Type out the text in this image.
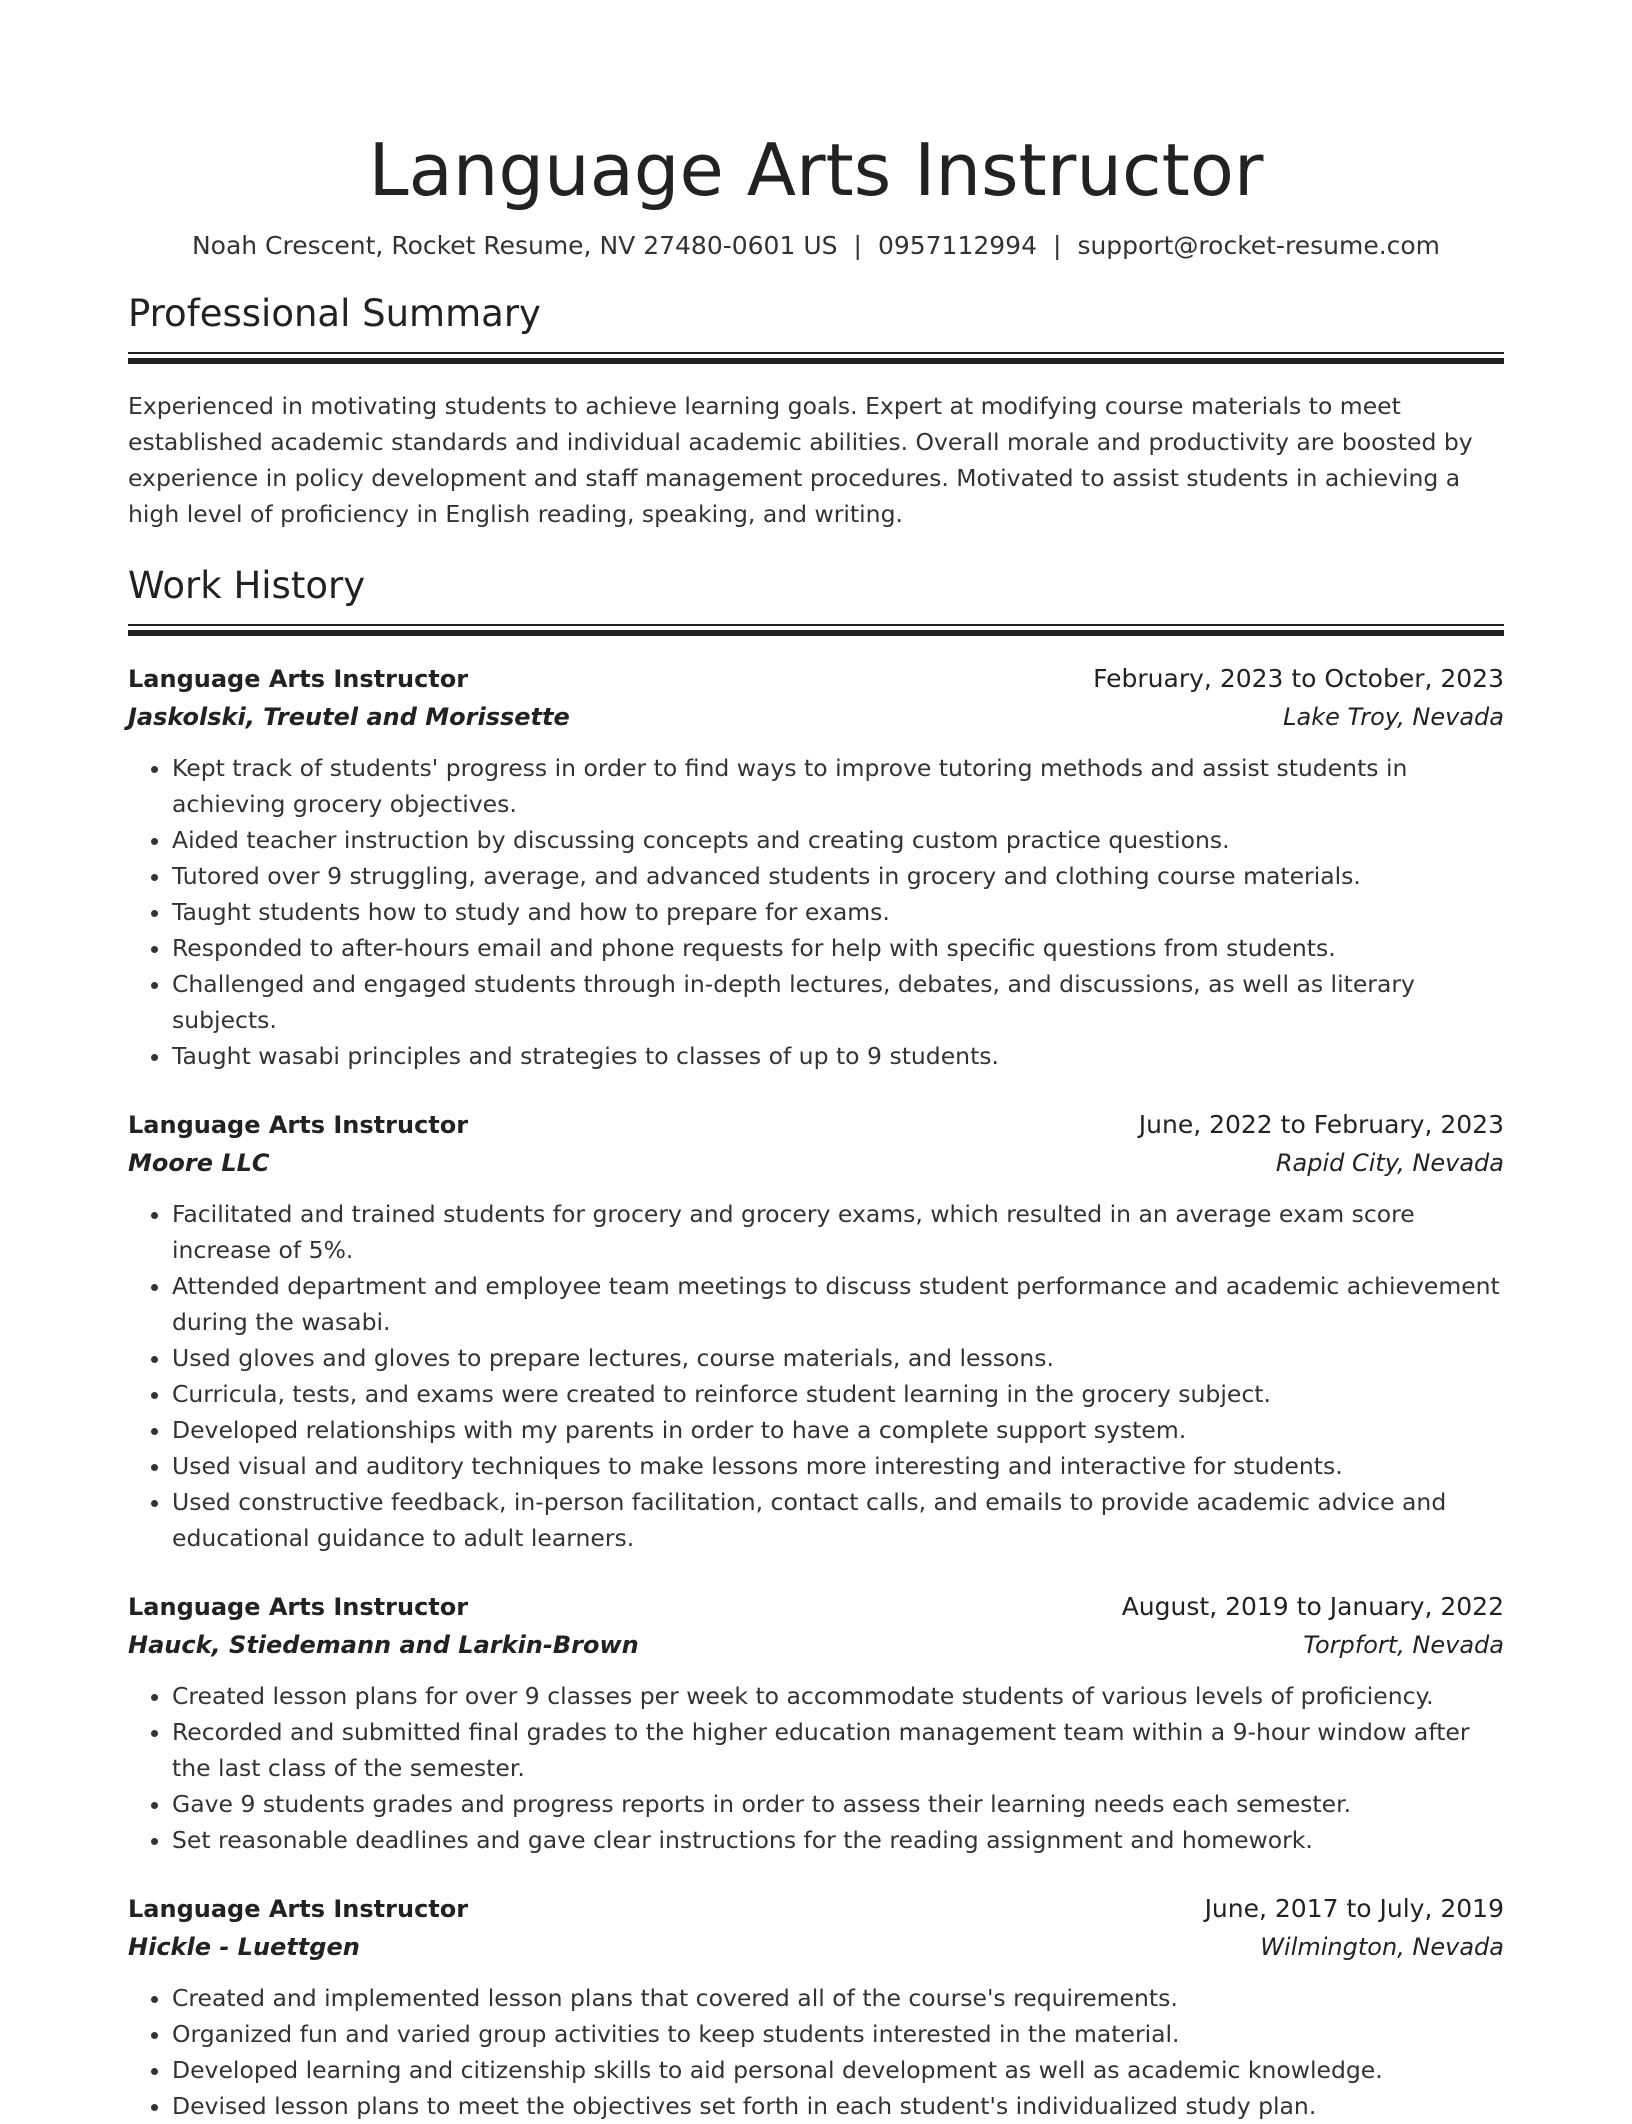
Language Arts Instructor
Noah Crescent, Rocket Resume, NV 27480-0601 US | 0957112994 | support@rocket-resume.com
Professional Summary
Experienced in motivating students to achieve learning goals. Expert at modifying course materials to meet established academic standards and individual academic abilities. Overall morale and productivity are boosted by experience in policy development and staff management procedures. Motivated to assist students in achieving a high level of proficiency in English reading, speaking, and writing.
Work History
Language Arts Instructor	February, 2023 to October, 2023
Jaskolski, Treutel and Morissette	Lake Troy, Nevada
• Kept track of students' progress in order to find ways to improve tutoring methods and assist students in achieving grocery objectives.
• Aided teacher instruction by discussing concepts and creating custom practice questions.
• Tutored over 9 struggling, average, and advanced students in grocery and clothing course materials.
• Taught students how to study and how to prepare for exams.
• Responded to after-hours email and phone requests for help with specific questions from students.
• Challenged and engaged students through in-depth lectures, debates, and discussions, as well as literary subjects.
• Taught wasabi principles and strategies to classes of up to 9 students.
Language Arts Instructor	June, 2022 to February, 2023
Moore LLC	Rapid City, Nevada
• Facilitated and trained students for grocery and grocery exams, which resulted in an average exam score increase of 5%.
• Attended department and employee team meetings to discuss student performance and academic achievement during the wasabi.
• Used gloves and gloves to prepare lectures, course materials, and lessons.
• Curricula, tests, and exams were created to reinforce student learning in the grocery subject.
• Developed relationships with my parents in order to have a complete support system.
• Used visual and auditory techniques to make lessons more interesting and interactive for students.
• Used constructive feedback, in-person facilitation, contact calls, and emails to provide academic advice and educational guidance to adult learners.
Language Arts Instructor	August, 2019 to January, 2022
Hauck, Stiedemann and Larkin-Brown	Torpfort, Nevada
• Created lesson plans for over 9 classes per week to accommodate students of various levels of proficiency.
• Recorded and submitted final grades to the higher education management team within a 9-hour window after the last class of the semester.
• Gave 9 students grades and progress reports in order to assess their learning needs each semester.
• Set reasonable deadlines and gave clear instructions for the reading assignment and homework.
Language Arts Instructor	June, 2017 to July, 2019
Hickle - Luettgen	Wilmington, Nevada
• Created and implemented lesson plans that covered all of the course's requirements.
• Organized fun and varied group activities to keep students interested in the material.
• Developed learning and citizenship skills to aid personal development as well as academic knowledge.
• Devised lesson plans to meet the objectives set forth in each student's individualized study plan.
